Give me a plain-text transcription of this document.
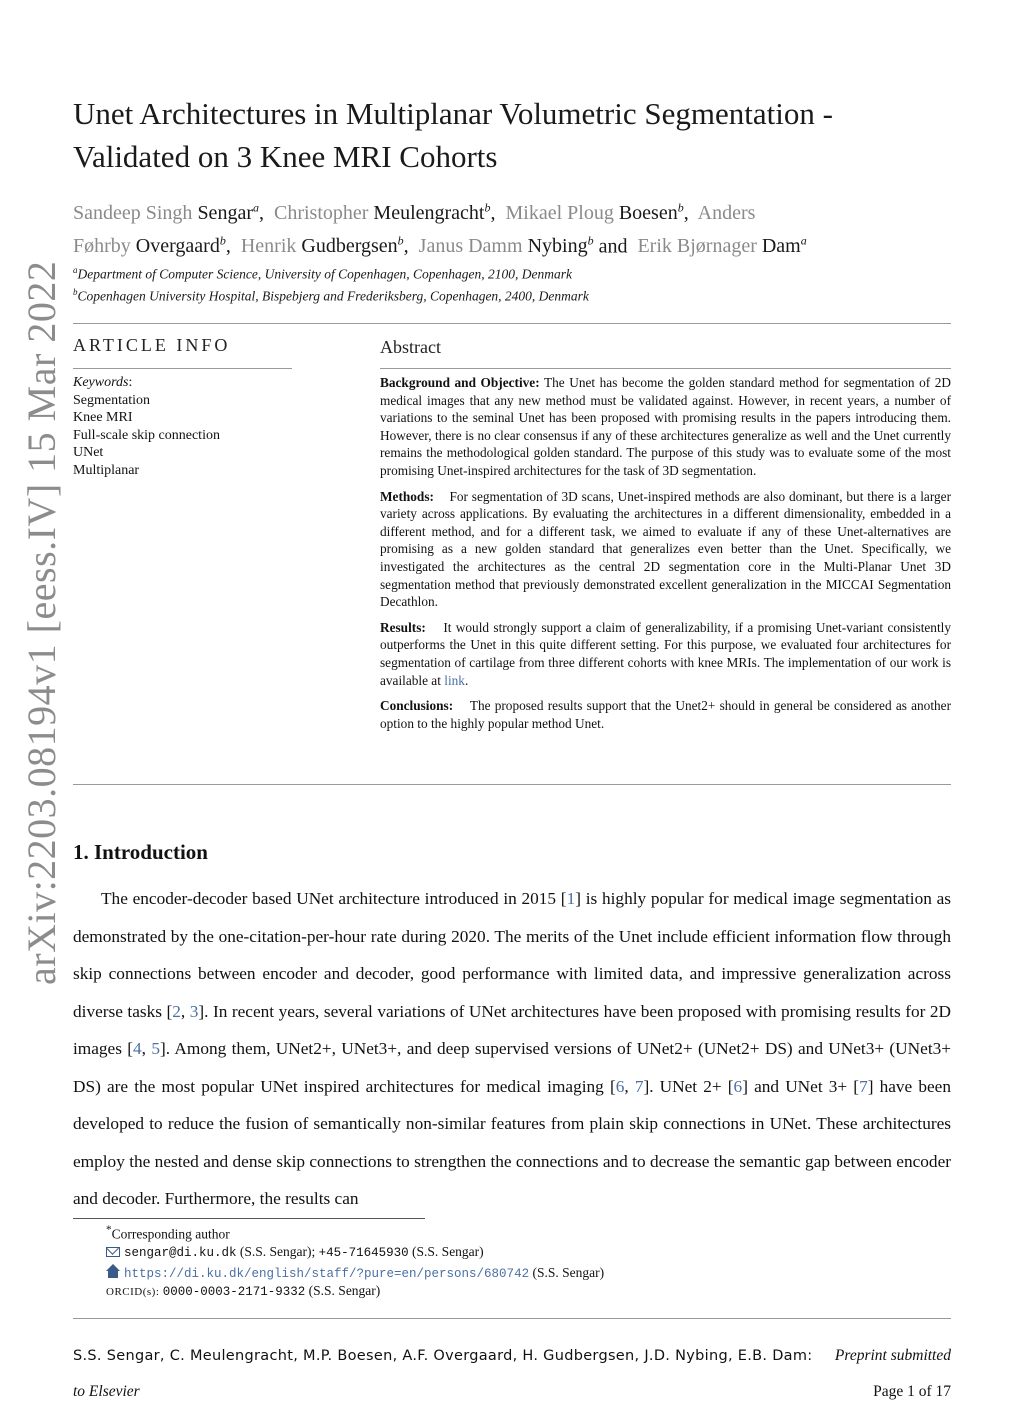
arXiv:2203.08194v1 [eess.IV] 15 Mar 2022
Unet Architectures in Multiplanar Volumetric Segmentation -
Validated on 3 Knee MRI Cohorts
Sandeep Singh Sengar$^a$, Christopher Meulengracht$^b$, Mikael Ploug Boesen$^b$, Anders
Føhrby Overgaard$^b$, Henrik Gudbergsen$^b$, Janus Damm Nybing$^b$ and Erik Bjørnager Dam$^a$
$^a$Department of Computer Science, University of Copenhagen, Copenhagen, 2100, Denmark
$^b$Copenhagen University Hospital, Bispebjerg and Frederiksberg, Copenhagen, 2400, Denmark
ARTICLE INFO
Keywords:
Segmentation
Knee MRI
Full-scale skip connection
UNet
Multiplanar
Abstract

Background and Objective: The Unet has become the golden standard method for segmentation of 2D medical images that any new method must be validated against. However, in recent years, a number of variations to the seminal Unet has been proposed with promising results in the papers introducing them. However, there is no clear consensus if any of these architectures generalize as well and the Unet currently remains the methodological golden standard. The purpose of this study was to evaluate some of the most promising Unet-inspired architectures for the task of 3D segmentation.

Methods: For segmentation of 3D scans, Unet-inspired methods are also dominant, but there is a larger variety across applications. By evaluating the architectures in a different dimensionality, embedded in a different method, and for a different task, we aimed to evaluate if any of these Unet-alternatives are promising as a new golden standard that generalizes even better than the Unet. Specifically, we investigated the architectures as the central 2D segmentation core in the Multi-Planar Unet 3D segmentation method that previously demonstrated excellent generalization in the MICCAI Segmentation Decathlon.

Results: It would strongly support a claim of generalizability, if a promising Unet-variant consistently outperforms the Unet in this quite different setting. For this purpose, we evaluated four architectures for segmentation of cartilage from three different cohorts with knee MRIs. The implementation of our work is available at link.

Conclusions: The proposed results support that the Unet2+ should in general be considered as another option to the highly popular method Unet.

1. Introduction

The encoder-decoder based UNet architecture introduced in 2015 [1] is highly popular for medical image segmentation as demonstrated by the one-citation-per-hour rate during 2020. The merits of the Unet include efficient information flow through skip connections between encoder and decoder, good performance with limited data, and impressive generalization across diverse tasks [2, 3]. In recent years, several variations of UNet architectures have been proposed with promising results for 2D images [4, 5]. Among them, UNet2+, UNet3+, and deep supervised versions of UNet2+ (UNet2+ DS) and UNet3+ (UNet3+ DS) are the most popular UNet inspired architectures for medical imaging [6, 7]. UNet 2+ [6] and UNet 3+ [7] have been developed to reduce the fusion of semantically non-similar features from plain skip connections in UNet. These architectures employ the nested and dense skip connections to strengthen the connections and to decrease the semantic gap between encoder and decoder. Furthermore, the results can

*Corresponding author
sengar@di.ku.dk (S.S. Sengar); +45-71645930 (S.S. Sengar)
https://di.ku.dk/english/staff/?pure=en/persons/680742 (S.S. Sengar)
ORCID(s): 0000-0003-2171-9332 (S.S. Sengar)
S.S. Sengar, C. Meulengracht, M.P. Boesen, A.F. Overgaard, H. Gudbergsen, J.D. Nybing, E.B. Dam: Preprint submitted
to Elsevier	Page 1 of 17
